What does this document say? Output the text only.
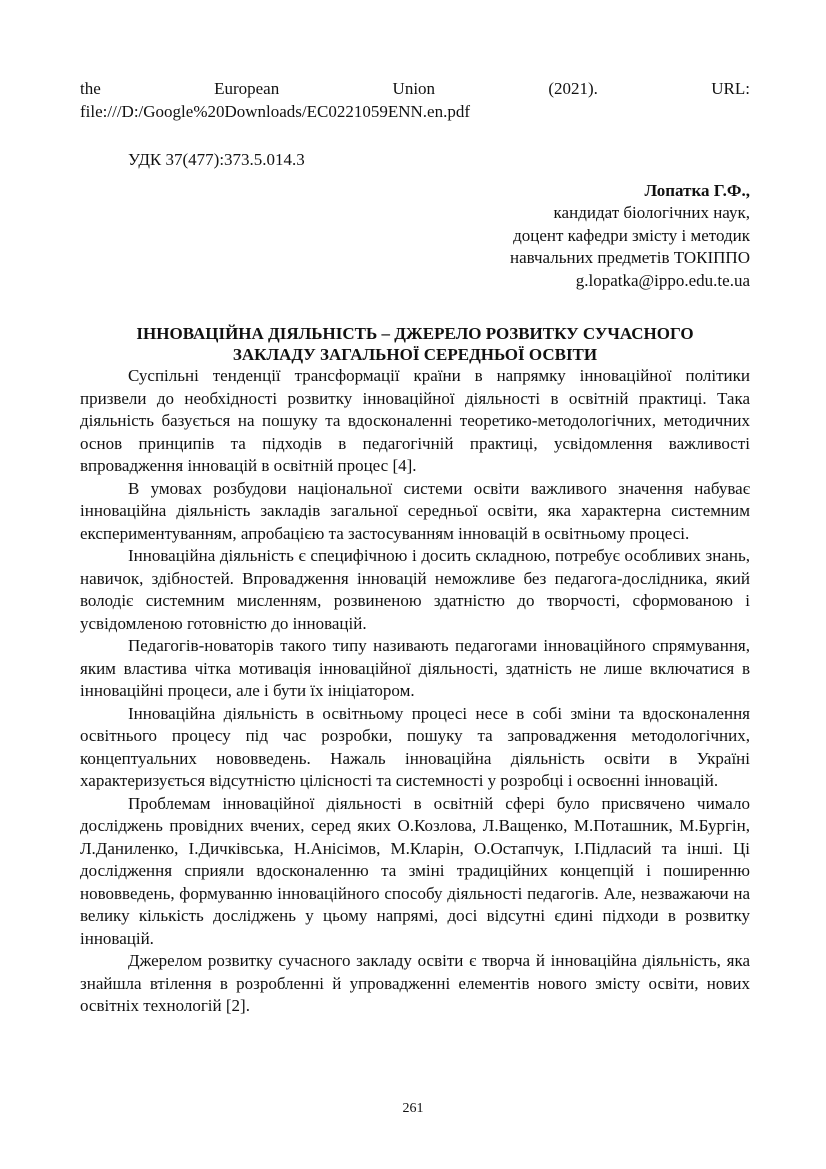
the	European	Union	(2021).	URL:

file:///D:/Google%20Downloads/EC0221059ENN.en.pdf

УДК 37(477):373.5.014.3
Лопатка Г.Ф.,
кандидат біологічних наук,
доцент кафедри змісту і методик
навчальних предметів ТОКІППО
g.lopatka@ippo.edu.te.ua
ІННОВАЦІЙНА ДІЯЛЬНІСТЬ – ДЖЕРЕЛО РОЗВИТКУ СУЧАСНОГО
ЗАКЛАДУ ЗАГАЛЬНОЇ СЕРЕДНЬОЇ ОСВІТИ

Суспільні тенденції трансформації країни в напрямку інноваційної політики призвели до необхідності розвитку інноваційної діяльності в освітній практиці. Така діяльність базується на пошуку та вдосконаленні теоретико-методологічних, методичних основ принципів та підходів в педагогічній практиці, усвідомлення важливості впровадження інновацій в освітній процес [4].

В умовах розбудови національної системи освіти важливого значення набуває інноваційна діяльність закладів загальної середньої освіти, яка характерна системним експериментуванням, апробацією та застосуванням інновацій в освітньому процесі.

Інноваційна діяльність є специфічною і досить складною, потребує особливих знань, навичок, здібностей. Впровадження інновацій неможливе без педагога-дослідника, який володіє системним мисленням, розвиненою здатністю до творчості, сформованою і усвідомленою готовністю до інновацій.

Педагогів-новаторів такого типу називають педагогами інноваційного спрямування, яким властива чітка мотивація інноваційної діяльності, здатність не лише включатися в інноваційні процеси, але і бути їх ініціатором.

Інноваційна діяльність в освітньому процесі несе в собі зміни та вдосконалення освітнього процесу під час розробки, пошуку та запровадження методологічних, концептуальних нововведень. Нажаль інноваційна діяльність освіти в Україні характеризується відсутністю цілісності та системності у розробці і освоєнні інновацій.

Проблемам інноваційної діяльності в освітній сфері було присвячено чимало досліджень провідних вчених, серед яких О.Козлова, Л.Ващенко, М.Поташник, М.Бургін, Л.Даниленко, І.Дичківська, Н.Анісімов, М.Кларін, О.Остапчук, І.Підласий та інші. Ці дослідження сприяли вдосконаленню та зміні традиційних концепцій і поширенню нововведень, формуванню інноваційного способу діяльності педагогів. Але, незважаючи на велику кількість досліджень у цьому напрямі, досі відсутні єдині підходи в розвитку інновацій.

Джерелом розвитку сучасного закладу освіти є творча й інноваційна діяльність, яка знайшла втілення в розробленні й упровадженні елементів нового змісту освіти, нових освітніх технологій [2].

261
